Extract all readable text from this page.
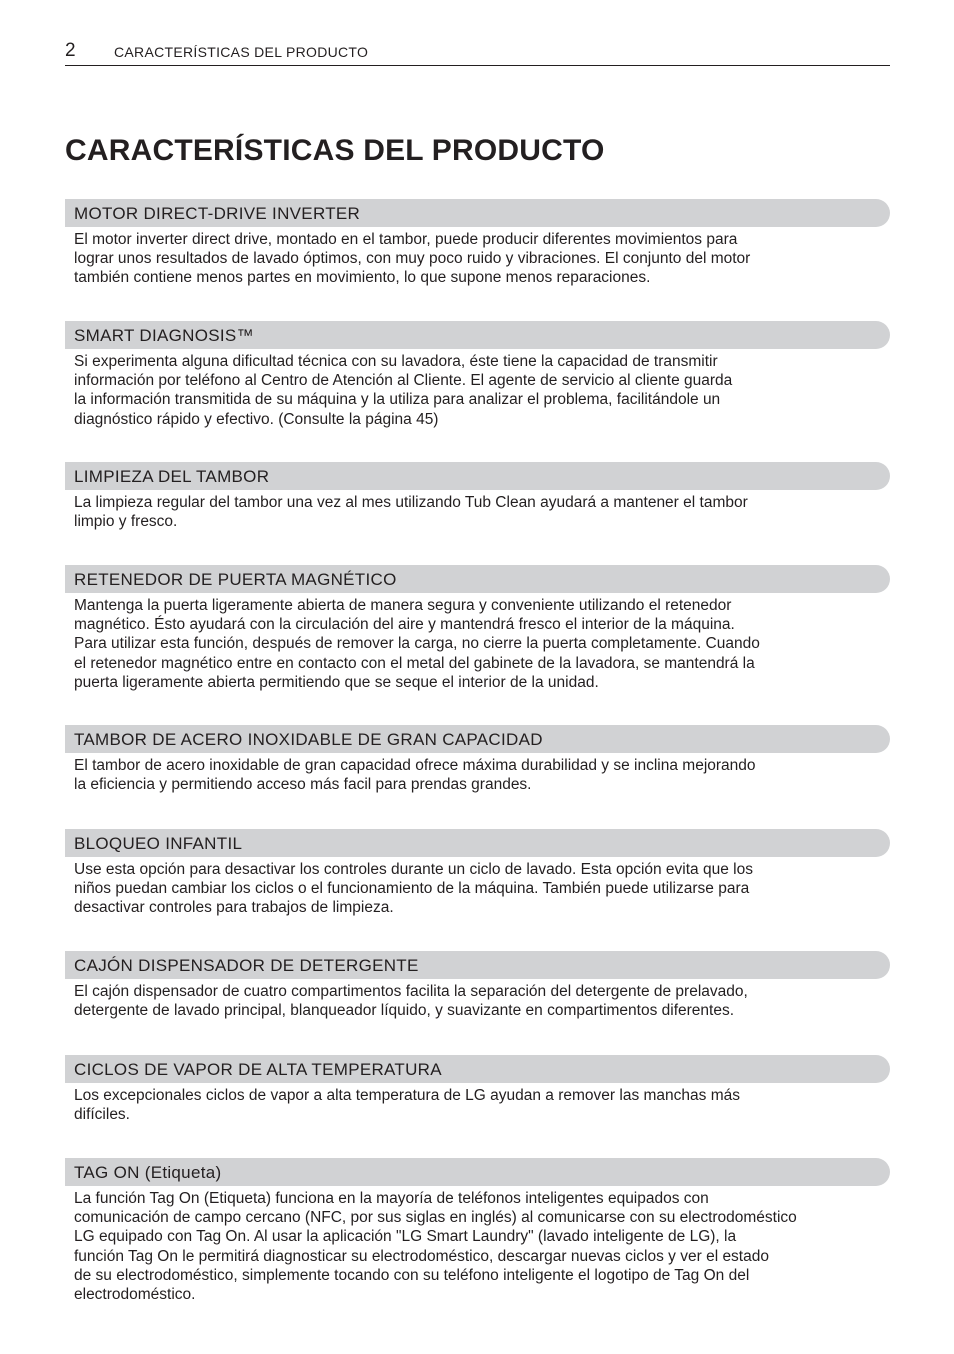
2	CARACTERÍSTICAS DEL PRODUCTO
CARACTERÍSTICAS DEL PRODUCTO
MOTOR DIRECT-DRIVE INVERTER

El motor inverter direct drive, montado en el tambor, puede producir diferentes movimientos para

lograr unos resultados de lavado óptimos, con muy poco ruido y vibraciones. El conjunto del motor

también contiene menos partes en movimiento, lo que supone menos reparaciones.

SMART DIAGNOSIS™

Si experimenta alguna dificultad técnica con su lavadora, éste tiene la capacidad de transmitir

información por teléfono al Centro de Atención al Cliente. El agente de servicio al cliente guarda

la información transmitida de su máquina y la utiliza para analizar el problema, facilitándole un

diagnóstico rápido y efectivo. (Consulte la página 45)

LIMPIEZA DEL TAMBOR

La limpieza regular del tambor una vez al mes utilizando Tub Clean ayudará a mantener el tambor

limpio y fresco.

RETENEDOR DE PUERTA MAGNÉTICO

Mantenga la puerta ligeramente abierta de manera segura y conveniente utilizando el retenedor

magnético. Ésto ayudará con la circulación del aire y mantendrá fresco el interior de la máquina.

Para utilizar esta función, después de remover la carga, no cierre la puerta completamente. Cuando

el retenedor magnético entre en contacto con el metal del gabinete de la lavadora, se mantendrá la

puerta ligeramente abierta permitiendo que se seque el interior de la unidad.

TAMBOR DE ACERO INOXIDABLE DE GRAN CAPACIDAD

El tambor de acero inoxidable de gran capacidad ofrece máxima durabilidad y se inclina mejorando

la eficiencia y permitiendo acceso más facil para prendas grandes.

BLOQUEO INFANTIL

Use esta opción para desactivar los controles durante un ciclo de lavado. Esta opción evita que los

niños puedan cambiar los ciclos o el funcionamiento de la máquina. También puede utilizarse para

desactivar controles para trabajos de limpieza.

CAJÓN DISPENSADOR DE DETERGENTE

El cajón dispensador de cuatro compartimentos facilita la separación del detergente de prelavado,

detergente de lavado principal, blanqueador líquido, y suavizante en compartimentos diferentes.

CICLOS DE VAPOR DE ALTA TEMPERATURA

Los excepcionales ciclos de vapor a alta temperatura de LG ayudan a remover las manchas más

difíciles.

TAG ON (Etiqueta)

La función Tag On (Etiqueta) funciona en la mayoría de teléfonos inteligentes equipados con

comunicación de campo cercano (NFC, por sus siglas en inglés) al comunicarse con su electrodoméstico

LG equipado con Tag On. Al usar la aplicación "LG Smart Laundry" (lavado inteligente de LG), la

función Tag On le permitirá diagnosticar su electrodoméstico, descargar nuevas ciclos y ver el estado

de su electrodoméstico, simplemente tocando con su teléfono inteligente el logotipo de Tag On del

electrodoméstico.
